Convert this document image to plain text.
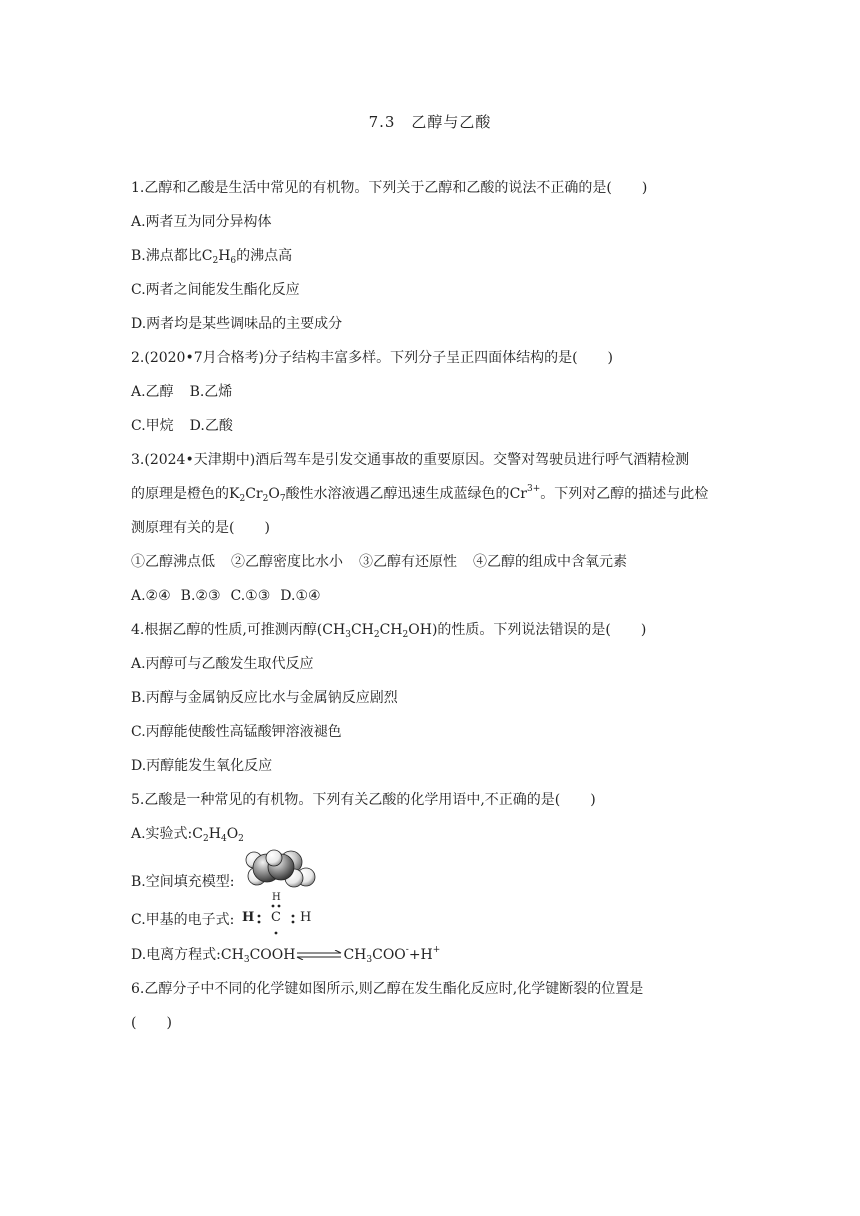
7.3　乙醇与乙酸
1.乙醇和乙酸是生活中常见的有机物。下列关于乙醇和乙酸的说法不正确的是( )
A.两者互为同分异构体
B.沸点都比$C_2H_6$的沸点高
C.两者之间能发生酯化反应
D.两者均是某些调味品的主要成分
2.(2020•7月合格考)分子结构丰富多样。下列分子呈正四面体结构的是( )
A.乙醇 B.乙烯
C.甲烷 D.乙酸
3.(2024•天津期中)酒后驾车是引发交通事故的重要原因。交警对驾驶员进行呼气酒精检测
的原理是橙色的$K_2Cr_2O_7$酸性水溶液遇乙醇迅速生成蓝绿色的$Cr^{3+}$。下列对乙醇的描述与此检
测原理有关的是( )
①乙醇沸点低 ②乙醇密度比水小 ③乙醇有还原性 ④乙醇的组成中含氧元素
A.②④ B.②③ C.①③ D.①④
4.根据乙醇的性质,可推测丙醇$(CH_3CH_2CH_2OH)$的性质。下列说法错误的是( )
A.丙醇可与乙酸发生取代反应
B.丙醇与金属钠反应比水与金属钠反应剧烈
C.丙醇能使酸性高锰酸钾溶液褪色
D.丙醇能发生氧化反应
5.乙酸是一种常见的有机物。下列有关乙酸的化学用语中,不正确的是( )
A.实验式$:C_2H_4O_2$
B.空间填充模型:
C.甲基的电子式:
H
H C H
D.电离方程式$:CH_3COOH\rightleftharpoons CH_3COO^-+H^+$
6.乙醇分子中不同的化学键如图所示,则乙醇在发生酯化反应时,化学键断裂的位置是
( )
